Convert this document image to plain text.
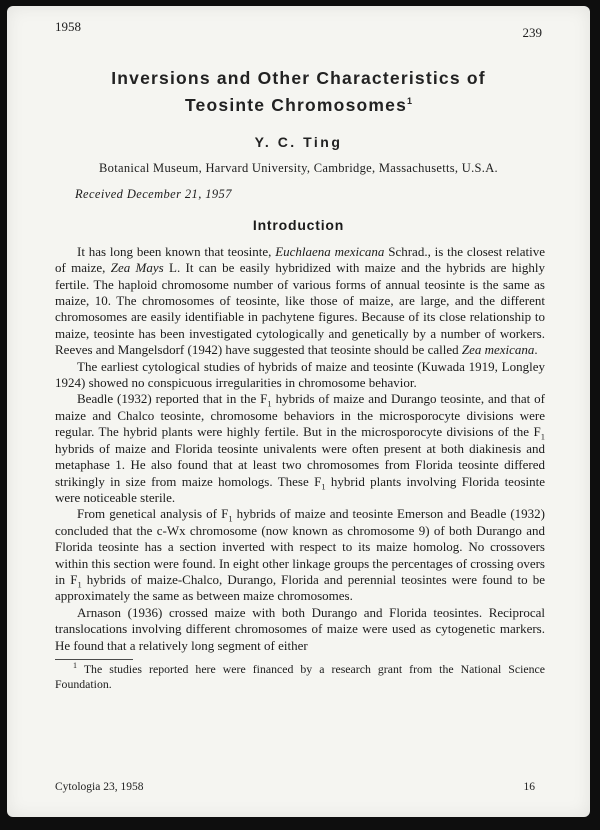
1958	239
Inversions and Other Characteristics of
Teosinte Chromosomes$^1$
Y. C. Ting
Botanical Museum, Harvard University, Cambridge, Massachusetts, U.S.A.
Received December 21, 1957
Introduction

It has long been known that teosinte, Euchlaena mexicana Schrad., is the closest relative of maize, Zea Mays L. It can be easily hybridized with maize and the hybrids are highly fertile. The haploid chromosome number of various forms of annual teosinte is the same as maize, 10. The chromosomes of teosinte, like those of maize, are large, and the different chromosomes are easily identifiable in pachytene figures. Because of its close relationship to maize, teosinte has been investigated cytologically and genetically by a number of workers. Reeves and Mangelsdorf (1942) have suggested that teosinte should be called Zea mexicana.

The earliest cytological studies of hybrids of maize and teosinte (Kuwada 1919, Longley 1924) showed no conspicuous irregularities in chromosome behavior.

Beadle (1932) reported that in the $F_1$ hybrids of maize and Durango teosinte, and that of maize and Chalco teosinte, chromosome behaviors in the microsporocyte divisions were regular. The hybrid plants were highly fertile. But in the microsporocyte divisions of the $F_1$ hybrids of maize and Florida teosinte univalents were often present at both diakinesis and metaphase 1. He also found that at least two chromosomes from Florida teosinte differed strikingly in size from maize homologs. These $F_1$ hybrid plants involving Florida teosinte were noticeable sterile.

From genetical analysis of $F_1$ hybrids of maize and teosinte Emerson and Beadle (1932) concluded that the c-Wx chromosome (now known as chromosome 9) of both Durango and Florida teosinte has a section inverted with respect to its maize homolog. No crossovers within this section were found. In eight other linkage groups the percentages of crossing overs in $F_1$ hybrids of maize-Chalco, Durango, Florida and perennial teosintes were found to be approximately the same as between maize chromosomes.

Arnason (1936) crossed maize with both Durango and Florida teosintes. Reciprocal translocations involving different chromosomes of maize were used as cytogenetic markers. He found that a relatively long segment of either

$^1$ The studies reported here were financed by a research grant from the National Science Foundation.
Cytologia 23, 1958	16
